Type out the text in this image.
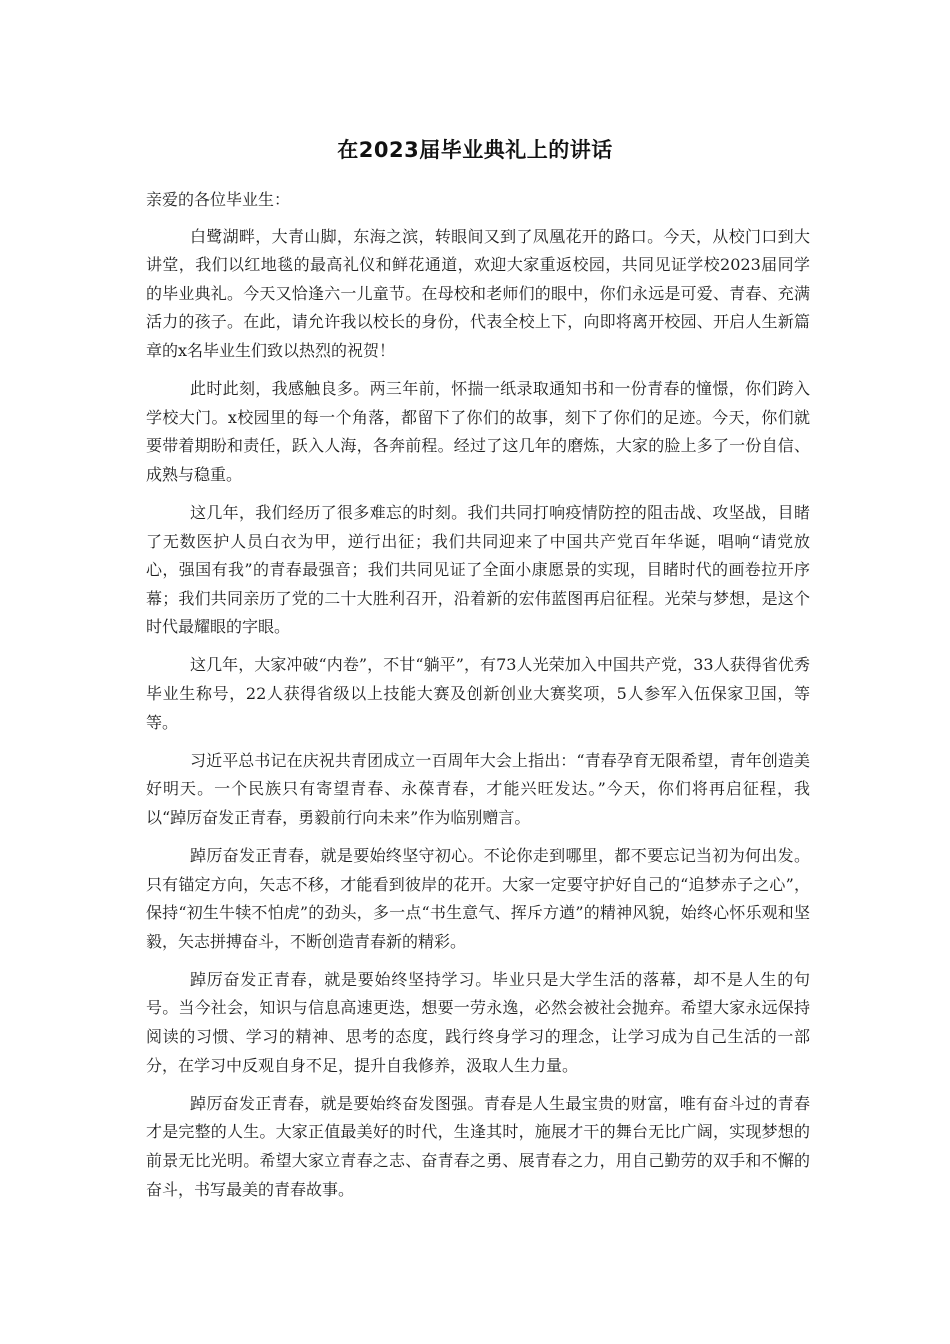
在2023届毕业典礼上的讲话

亲爱的各位毕业生：

白鹭湖畔，大青山脚，东海之滨，转眼间又到了凤凰花开的路口。今天，从校门口到大讲堂，我们以红地毯的最高礼仪和鲜花通道，欢迎大家重返校园，共同见证学校2023届同学的毕业典礼。今天又恰逢六一儿童节。在母校和老师们的眼中，你们永远是可爱、青春、充满活力的孩子。在此，请允许我以校长的身份，代表全校上下，向即将离开校园、开启人生新篇章的x名毕业生们致以热烈的祝贺！

此时此刻，我感触良多。两三年前，怀揣一纸录取通知书和一份青春的憧憬，你们跨入学校大门。x校园里的每一个角落，都留下了你们的故事，刻下了你们的足迹。今天，你们就要带着期盼和责任，跃入人海，各奔前程。经过了这几年的磨炼，大家的脸上多了一份自信、成熟与稳重。

这几年，我们经历了很多难忘的时刻。我们共同打响疫情防控的阻击战、攻坚战，目睹了无数医护人员白衣为甲，逆行出征；我们共同迎来了中国共产党百年华诞，唱响“请党放心，强国有我”的青春最强音；我们共同见证了全面小康愿景的实现，目睹时代的画卷拉开序幕；我们共同亲历了党的二十大胜利召开，沿着新的宏伟蓝图再启征程。光荣与梦想，是这个时代最耀眼的字眼。

这几年，大家冲破“内卷”，不甘“躺平”，有73人光荣加入中国共产党，33人获得省优秀毕业生称号，22人获得省级以上技能大赛及创新创业大赛奖项，5人参军入伍保家卫国，等等。

习近平总书记在庆祝共青团成立一百周年大会上指出：“青春孕育无限希望，青年创造美好明天。一个民族只有寄望青春、永葆青春，才能兴旺发达。”今天，你们将再启征程，我以“踔厉奋发正青春，勇毅前行向未来”作为临别赠言。

踔厉奋发正青春，就是要始终坚守初心。不论你走到哪里，都不要忘记当初为何出发。只有锚定方向，矢志不移，才能看到彼岸的花开。大家一定要守护好自己的“追梦赤子之心”，保持“初生牛犊不怕虎”的劲头，多一点“书生意气、挥斥方遒”的精神风貌，始终心怀乐观和坚毅，矢志拼搏奋斗，不断创造青春新的精彩。

踔厉奋发正青春，就是要始终坚持学习。毕业只是大学生活的落幕，却不是人生的句号。当今社会，知识与信息高速更迭，想要一劳永逸，必然会被社会抛弃。希望大家永远保持阅读的习惯、学习的精神、思考的态度，践行终身学习的理念，让学习成为自己生活的一部分，在学习中反观自身不足，提升自我修养，汲取人生力量。

踔厉奋发正青春，就是要始终奋发图强。青春是人生最宝贵的财富，唯有奋斗过的青春才是完整的人生。大家正值最美好的时代，生逢其时，施展才干的舞台无比广阔，实现梦想的前景无比光明。希望大家立青春之志、奋青春之勇、展青春之力，用自己勤劳的双手和不懈的奋斗，书写最美的青春故事。
